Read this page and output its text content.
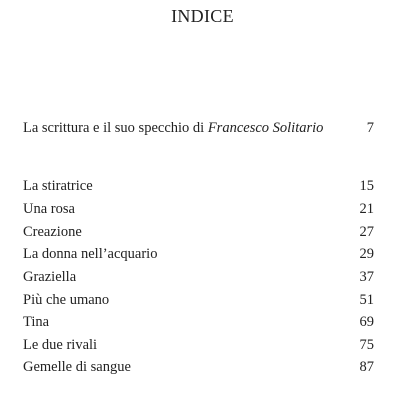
INDICE
La scrittura e il suo specchio di Francesco Solitario	7
La stiratrice	15
Una rosa	21
Creazione	27
La donna nell’acquario	29
Graziella	37
Più che umano	51
Tina	69
Le due rivali	75
Gemelle di sangue	87
